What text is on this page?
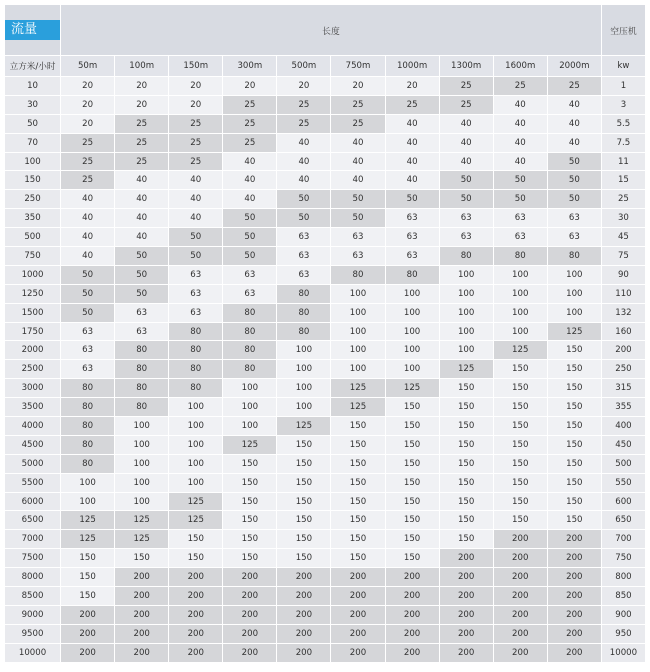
流量	长度										空压机
立方米/小时	50m	100m	150m	300m	500m	750m	1000m	1300m	1600m	2000m	kw
10	20	20	20	20	20	20	20	25	25	25	1
30	20	20	20	25	25	25	25	25	40	40	3
50	20	25	25	25	25	25	40	40	40	40	5.5
70	25	25	25	25	40	40	40	40	40	40	7.5
100	25	25	25	40	40	40	40	40	40	50	11
150	25	40	40	40	40	40	40	50	50	50	15
250	40	40	40	40	50	50	50	50	50	50	25
350	40	40	40	50	50	50	63	63	63	63	30
500	40	40	50	50	63	63	63	63	63	63	45
750	40	50	50	50	63	63	63	80	80	80	75
1000	50	50	63	63	63	80	80	100	100	100	90
1250	50	50	63	63	80	100	100	100	100	100	110
1500	50	63	63	80	80	100	100	100	100	100	132
1750	63	63	80	80	80	100	100	100	100	125	160
2000	63	80	80	80	100	100	100	100	125	150	200
2500	63	80	80	80	100	100	100	125	150	150	250
3000	80	80	80	100	100	125	125	150	150	150	315
3500	80	80	100	100	100	125	150	150	150	150	355
4000	80	100	100	100	125	150	150	150	150	150	400
4500	80	100	100	125	150	150	150	150	150	150	450
5000	80	100	100	150	150	150	150	150	150	150	500
5500	100	100	100	150	150	150	150	150	150	150	550
6000	100	100	125	150	150	150	150	150	150	150	600
6500	125	125	125	150	150	150	150	150	150	150	650
7000	125	125	150	150	150	150	150	150	200	200	700
7500	150	150	150	150	150	150	150	200	200	200	750
8000	150	200	200	200	200	200	200	200	200	200	800
8500	150	200	200	200	200	200	200	200	200	200	850
9000	200	200	200	200	200	200	200	200	200	200	900
9500	200	200	200	200	200	200	200	200	200	200	950
10000	200	200	200	200	200	200	200	200	200	200	10000
